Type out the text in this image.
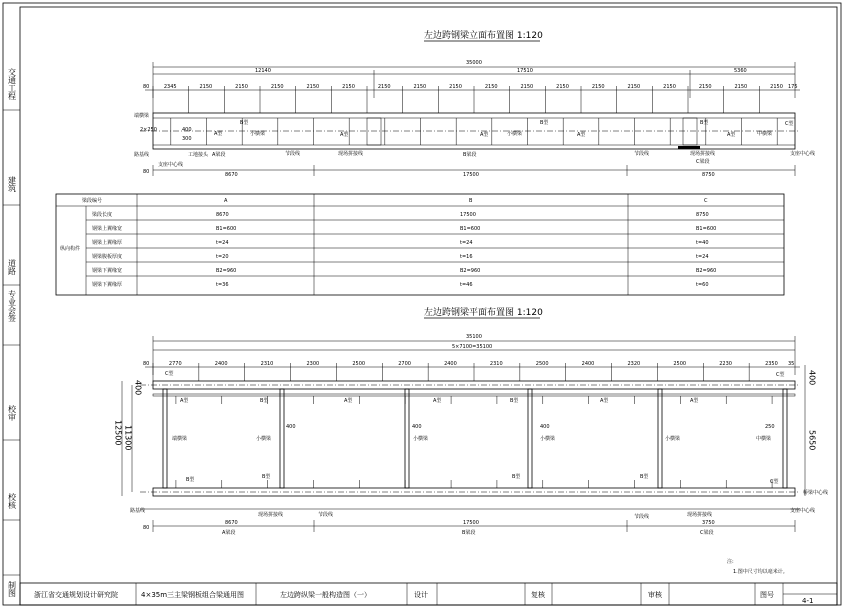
交通工程
建筑
道路
专业会签
校审
校核
制图
左边跨钢梁立面布置图 1:120
35000
12140	17510	5360
80	175
2345	2150	2150	2150	2150	2150	2150	2150	2150	2150	2150	2150	2150	2150	2150	2150	2150	2150
端横梁
2×250
路基线
400
300
小横梁	小横梁	中横梁
A型	A型	A型	A型	A型
B型	B型	B型	C型
工地接头
支座中心线
A梁段	节段线	现场拼接线	B梁段	节段线	现场拼接线
C梁段
支座中心线
80	8670	17500	8750
梁段编号	A	B	C
纵向构件
梁段长度	8670	17500	8750
钢梁上翼缘宽	B1=600	B1=600	B1=600
钢梁上翼缘厚	t=24	t=24	t=40
钢梁腹板厚度	t=20	t=16	t=24
钢梁下翼缘宽	B2=960	B2=960	B2=960
钢梁下翼缘厚	t=36	t=46	t=60
左边跨钢梁平面布置图 1:120
35100
5×7100=35100
80	35
2770	2400	2310	2300	2500	2700	2400	2310	2500	2400	2320	2500	2230	2350
12500 11300
400
400
5650
端横梁	小横梁	小横梁	小横梁	小横梁	中横梁
400	400	400	250
A型	B型	A型	A型	B型	A型	A型
C型
C型
B型	B型	B型	B型
C型
路基线
现场拼接线	节段线	节段线	现场拼接线
桥梁中心线
支座中心线
80
8670	17500	3750
A梁段	B梁段	C梁段
注:
1.图中尺寸均以毫米计。
浙江省交通规划设计研究院	4×35m三主梁钢板组合梁通用图	左边跨纵梁一般构造图（一）	设计	复核	审核	图号
4-1
